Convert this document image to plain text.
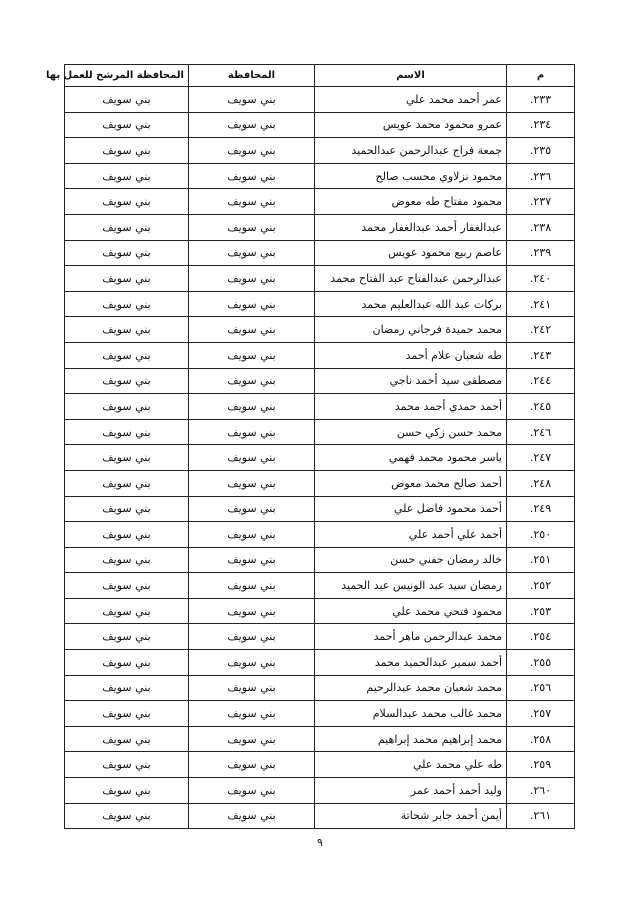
م	الاسم	المحافظة	المحافظة المرشح للعمل بها
٢٣٣.	عمر أحمد محمد علي	بني سويف	بني سويف
٢٣٤.	عمرو محمود محمد عويس	بني سويف	بني سويف
٢٣٥.	جمعة فراج عبدالرحمن عبدالحميد	بني سويف	بني سويف
٢٣٦.	محمود نزلاوي محسب صالح	بني سويف	بني سويف
٢٣٧.	محمود مفتاح طه معوض	بني سويف	بني سويف
٢٣٨.	عبدالغفار أحمد عبدالغفار محمد	بني سويف	بني سويف
٢٣٩.	عاصم ربيع محمود عويس	بني سويف	بني سويف
٢٤٠.	عبدالرحمن عبدالفتاح عبد الفتاح محمد	بني سويف	بني سويف
٢٤١.	بركات عبد الله عبدالعليم محمد	بني سويف	بني سويف
٢٤٢.	محمد حميدة فرجاني رمضان	بني سويف	بني سويف
٢٤٣.	طه شعبان علام أحمد	بني سويف	بني سويف
٢٤٤.	مصطفى سيد أحمد ناجي	بني سويف	بني سويف
٢٤٥.	أحمد حمدي أحمد محمد	بني سويف	بني سويف
٢٤٦.	محمد حسن زكي حسن	بني سويف	بني سويف
٢٤٧.	ياسر محمود محمد فهمي	بني سويف	بني سويف
٢٤٨.	أحمد صالح محمد معوض	بني سويف	بني سويف
٢٤٩.	أحمد محمود فاضل علي	بني سويف	بني سويف
٢٥٠.	أحمد علي أحمد علي	بني سويف	بني سويف
٢٥١.	خالد رمضان حفني حسن	بني سويف	بني سويف
٢٥٢.	رمضان سيد عبد الونيس عبد الحميد	بني سويف	بني سويف
٢٥٣.	محمود فتحي محمد علي	بني سويف	بني سويف
٢٥٤.	محمد عبدالرحمن ماهر أحمد	بني سويف	بني سويف
٢٥٥.	أحمد سمير عبدالحميد محمد	بني سويف	بني سويف
٢٥٦.	محمد شعبان محمد عبدالرحيم	بني سويف	بني سويف
٢٥٧.	محمد غالب محمد عبدالسلام	بني سويف	بني سويف
٢٥٨.	محمد إبراهيم محمد إبراهيم	بني سويف	بني سويف
٢٥٩.	طه علي محمد علي	بني سويف	بني سويف
٢٦٠.	وليد أحمد أحمد عمر	بني سويف	بني سويف
٢٦١.	أيمن أحمد جابر شحاتة	بني سويف	بني سويف
٩
